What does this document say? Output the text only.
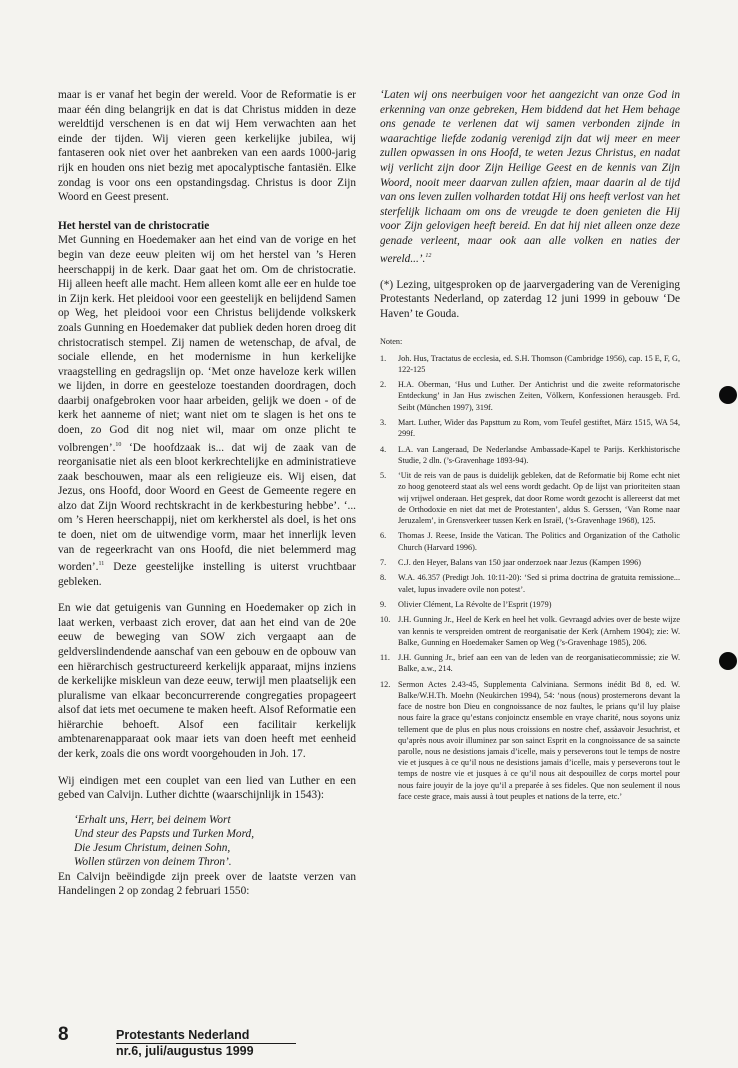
maar is er vanaf het begin der wereld. Voor de Reformatie is er maar één ding belangrijk en dat is dat Christus midden in deze wereldtijd verschenen is en dat wij Hem verwachten aan het einde der tijden. Wij vieren geen kerkelijke jubilea, wij fantaseren ook niet over het aanbreken van een aards 1000-jarig rijk en houden ons niet bezig met apocalyptische fantasiën. Elke zondag is voor ons een opstandingsdag. Christus is door Zijn Woord en Geest present.

Het herstel van de christocratie

Met Gunning en Hoedemaker aan het eind van de vorige en het begin van deze eeuw pleiten wij om het herstel van ’s Heren heerschappij in de kerk. Daar gaat het om. Om de christocratie. Hij alleen heeft alle macht. Hem alleen komt alle eer en hulde toe in Zijn kerk. Het pleidooi voor een geestelijk en belijdend Samen op Weg, het pleidooi voor een Christus belijdende volkskerk zoals Gunning en Hoedemaker dat publiek deden horen droeg dit christocratisch stempel. Zij namen de wetenschap, de afval, de sociale ellende, en het modernisme in hun kerkelijke vraagstelling en gedragslijn op. ‘Met onze haveloze kerk willen we lijden, in dorre en geesteloze toestanden doordragen, doch daarbij onafgebroken voor haar arbeiden, gelijk we doen - of de kerk het aanneme of niet; want niet om te slagen is het ons te doen, zo God dit nog niet wil, maar om onze plicht te volbrengen’.$^{10}$ ‘De hoofdzaak is... dat wij de zaak van de reorganisatie niet als een bloot kerkrechtelijke en administratieve zaak beschouwen, maar als een religieuze eis. Wij eisen, dat Jezus, ons Hoofd, door Woord en Geest de Gemeente regere en alzo dat Zijn Woord rechtskracht in de kerkbesturing hebbe’. ‘... om ’s Heren heerschappij, niet om kerkherstel als doel, is het ons te doen, niet om de uitwendige vorm, maar het innerlijk leven van de regeerkracht van ons Hoofd, die niet belemmerd mag worden’.$^{11}$ Deze geestelijke instelling is uiterst vruchtbaar gebleken.

En wie dat getuigenis van Gunning en Hoedemaker op zich in laat werken, verbaast zich erover, dat aan het eind van de 20e eeuw de beweging van SOW zich vergaapt aan de geldverslindendende aanschaf van een gebouw en de opbouw van een hiërarchisch gestructureerd kerkelijk apparaat, mijns inziens de kerkelijke miskleun van deze eeuw, terwijl men plaatselijk een pluralisme van elkaar beconcurrerende congregaties propageert alsof dat iets met oecumene te maken heeft. Alsof Reformatie een hiërarchie behoeft. Alsof een facilitair kerkelijk ambtenarenapparaat ook maar iets van doen heeft met eenheid der kerk, zoals die ons wordt voorgehouden in Joh. 17.

Wij eindigen met een couplet van een lied van Luther en een gebed van Calvijn. Luther dichtte (waarschijnlijk in 1543):

‘Erhalt uns, Herr, bei deinem Wort
Und steur des Papsts und Turken Mord,
Die Jesum Christum, deinen Sohn,
Wollen stürzen von deinem Thron’.

En Calvijn beëindigde zijn preek over de laatste verzen van Handelingen 2 op zondag 2 februari 1550:

‘Laten wij ons neerbuigen voor het aangezicht van onze God in erkenning van onze gebreken, Hem biddend dat het Hem behage ons genade te verlenen dat wij samen verbonden zijnde in waarachtige liefde zodanig verenigd zijn dat wij meer en meer zullen opwassen in ons Hoofd, te weten Jezus Christus, en nadat wij verlicht zijn door Zijn Heilige Geest en de kennis van Zijn Woord, nooit meer daarvan zullen afzien, maar daarin al de tijd van ons leven zullen volharden totdat Hij ons heeft verlost van het sterfelijk lichaam om ons de vreugde te doen genieten die Hij voor Zijn gelovigen heeft bereid. En dat hij niet alleen onze deze genade verleent, maar ook aan alle volken en naties der wereld...’.$^{12}$

(*) Lezing, uitgesproken op de jaarvergadering van de Vereniging Protestants Nederland, op zaterdag 12 juni 1999 in gebouw ‘De Haven’ te Gouda.

Noten:
1. Joh. Hus, Tractatus de ecclesia, ed. S.H. Thomson (Cambridge 1956), cap. 15 E, F, G, 122-125
2. H.A. Oberman, ‘Hus und Luther. Der Antichrist und die zweite reformatorische Entdeckung’ in Jan Hus zwischen Zeiten, Völkern, Konfessionen herausgeb. Frd. Seibt (München 1997), 319f.
3. Mart. Luther, Wider das Papsttum zu Rom, vom Teufel gestiftet, März 1515, WA 54, 299f.
4. L.A. van Langeraad, De Nederlandse Ambassade-Kapel te Parijs. Kerkhistorische Studie, 2 dln. (’s-Gravenhage 1893-94).
5. ‘Uit de reis van de paus is duidelijk gebleken, dat de Reformatie bij Rome echt niet zo hoog genoteerd staat als wel eens wordt gedacht. Op de lijst van prioriteiten staan wij vrijwel onderaan. Het gesprek, dat door Rome wordt gezocht is allereerst dat met de Orthodoxie en niet dat met de Protestanten’, aldus S. Gerssen, ‘Van Rome naar Jeruzalem’, in Grensverkeer tussen Kerk en Israël, (’s-Gravenhage 1968), 125.
6. Thomas J. Reese, Inside the Vatican. The Politics and Organization of the Catholic Church (Harvard 1996).
7. C.J. den Heyer, Balans van 150 jaar onderzoek naar Jezus (Kampen 1996)
8. W.A. 46.357 (Predigt Joh. 10:11-20): ‘Sed si prima doctrina de gratuita remissione... valet, lupus invadere ovile non potest’.
9. Olivier Clément, La Révolte de l’Esprit (1979)
10. J.H. Gunning Jr., Heel de Kerk en heel het volk. Gevraagd advies over de beste wijze van kennis te verspreiden omtrent de reorganisatie der Kerk (Arnhem 1904); zie: W. Balke, Gunning en Hoedemaker Samen op Weg (’s-Gravenhage 1985), 206.
11. J.H. Gunning Jr., brief aan een van de leden van de reorganisatiecommissie; zie W. Balke, a.w., 214.
12. Sermon Actes 2.43-45, Supplementa Calviniana. Sermons inédit Bd 8, ed. W. Balke/W.H.Th. Moehn (Neukirchen 1994), 54: ‘nous (nous) prosternerons devant la face de nostre bon Dieu en congnoissance de noz faultes, le prians qu’il luy plaise nous faire la grace qu’estans conjoinctz ensemble en vraye charité, nous soyons uniz tellement que de plus en plus nous croissions en nostre chef, assàavoir Jesuchrist, et qu’après nous avoir illuminez par son sainct Esprit en la congnoissance de sa saincte parolle, nous ne desistions jamais d’icelle, mais y perseverons tout le temps de nostre vie et jusques à ce qu’il nous ne desistions jamais d’icelle, mais y perseverons tout le temps de nostre vie et jusques à ce qu’il nous ait despouillez de corps mortel pour nous faire jouyir de la joye qu’il a preparée à ses fideles. Que non seulement il nous face ceste grace, mais aussi à tout peuples et nations de la terre, etc.’
8	Protestants Nederland
nr.6, juli/augustus 1999
